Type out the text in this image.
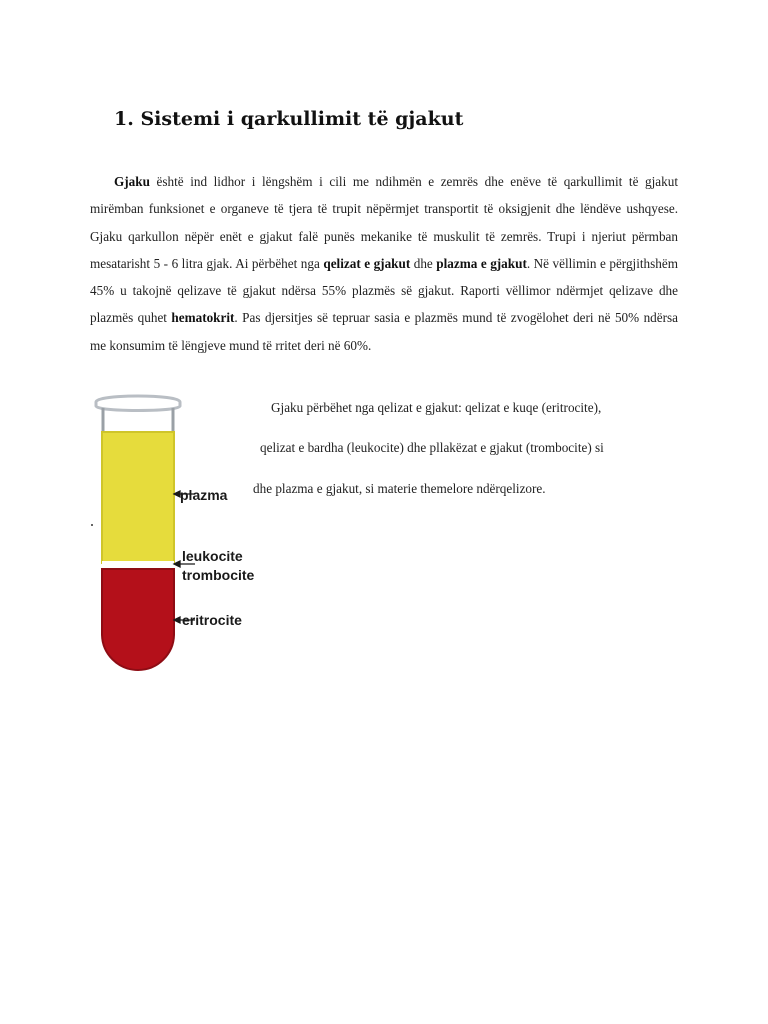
1. Sistemi i qarkullimit të gjakut

Gjaku është ind lidhor i lëngshëm i cili me ndihmën e zemrës dhe enëve të qarkullimit të gjakut mirëmban funksionet e organeve të tjera të trupit nëpërmjet transportit të oksigjenit dhe lëndëve ushqyese. Gjaku qarkullon nëpër enët e gjakut falë punës mekanike të muskulit të zemrës. Trupi i njeriut përmban mesatarisht 5 - 6 litra gjak. Ai përbëhet nga qelizat e gjakut dhe plazma e gjakut. Në vëllimin e përgjithshëm 45% u takojnë qelizave të gjakut ndërsa 55% plazmës së gjakut. Raporti vëllimor ndërmjet qelizave dhe plazmës quhet hematokrit. Pas djersitjes së tepruar sasia e plazmës mund të zvogëlohet deri në 50% ndërsa me konsumim të lëngjeve mund të rritet deri në 60%.

plazma
leukocite
trombocite
eritrocite

Gjaku përbëhet nga qelizat e gjakut: qelizat e kuqe (eritrocite),

qelizat e bardha (leukocite) dhe pllakëzat e gjakut (trombocite) si

dhe plazma e gjakut, si materie themelore ndërqelizore.
